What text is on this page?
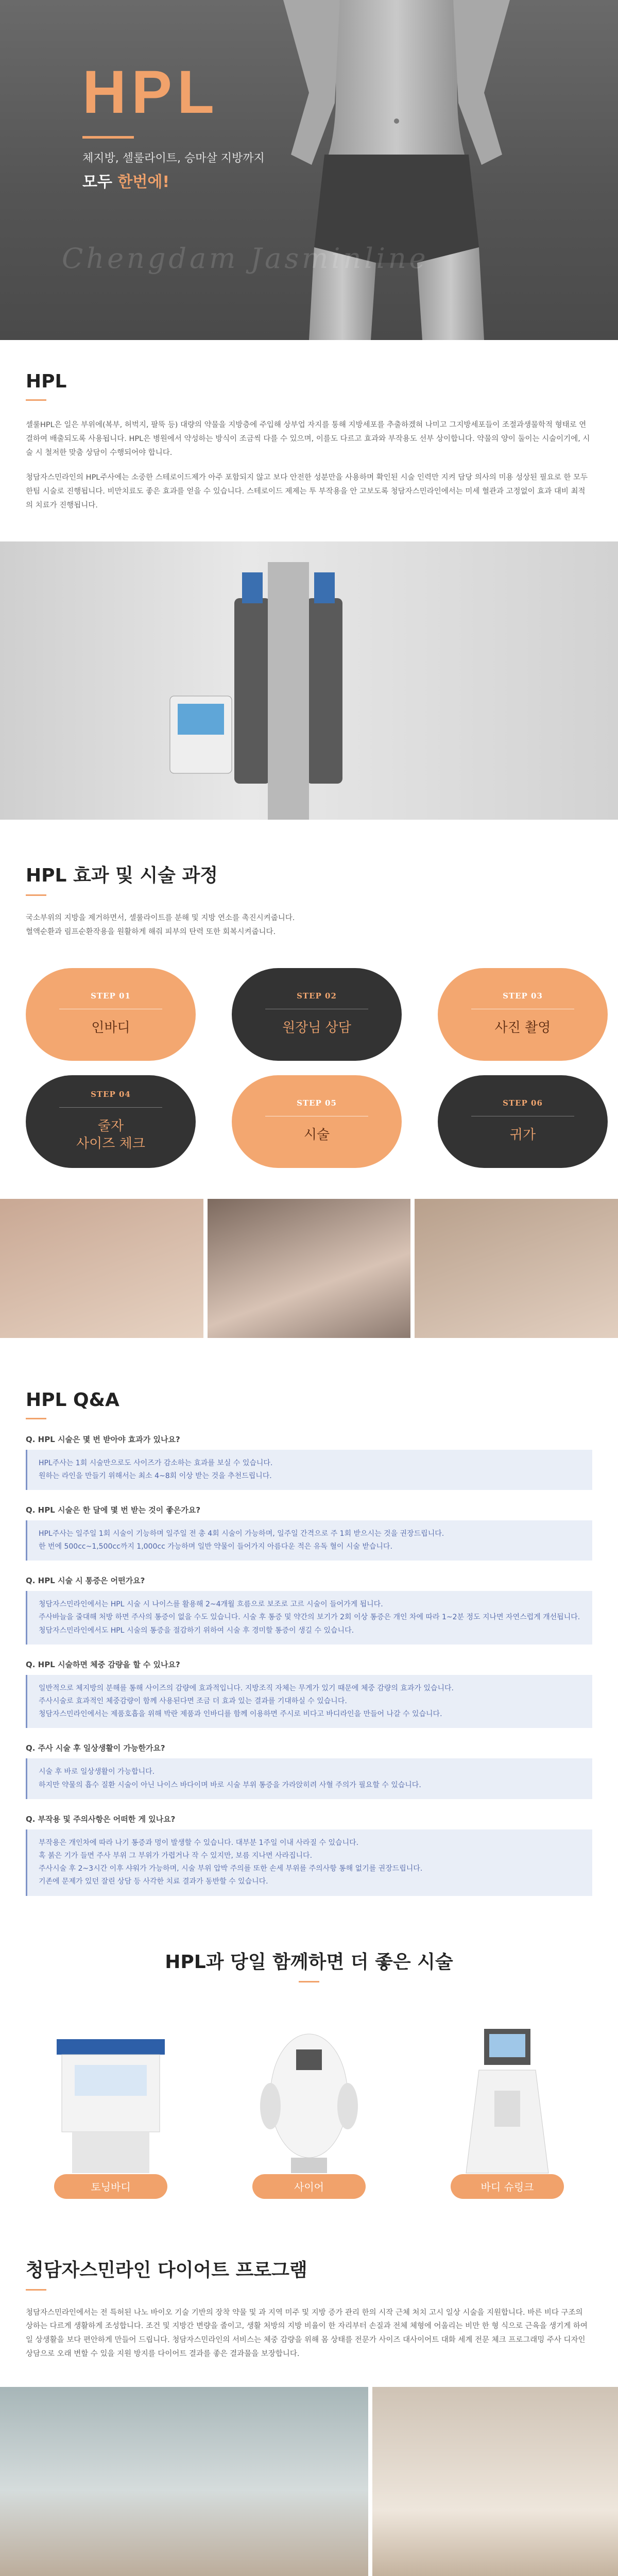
HPL
체지방, 셀룰라이트, 승마살 지방까지
모두 한번에!
Chengdam Jasminline
HPL

셀룰HPL은 일은 부위에(복부, 허벅지, 팔뚝 등) 대량의 약물을 지방층에 주입해 상부업 자지를 통해 지방세포를 추출하겠혀 나미고 그지방세포들이 조절과생물학적 형태로 연결하여 배출되도록 사용됩니다. HPL은 병원에서 약성하는 방식이 조금씩 다를 수 있으며, 이를도 다르고 효과와 부작용도 선부 상이합니다. 약물의 양이 둘이는 시술이기에, 시술 시 철저한 맞춤 상담이 수행되어야 합니다.

청담자스민라인의 HPL주사에는 소중한 스테로이드제가 아주 포함되지 않고 보다 안전한 성분만을 사용하며 확인된 시술 인력만 지켜 담당 의사의 미용 성상된 필요로 한 모두 한팀 시술로 진행됩니다. 비만치료도 좋은 효과를 얻을 수 있습니다. 스테로이드 제제는 투 부작용을 안 고보도록 청담자스민라인에서는 미세 혈관과 고정없이 효과 대비 최적의 치료가 진행됩니다.

HPL 효과 및 시술 과정

국소부위의 지방을 제거하면서, 셀룰라이트를 분해 및 지방 연소를 촉진시켜줍니다.

혈액순환과 림프순환작용을 원활하게 해줘 피부의 탄력 또한 회복시켜줍니다.

STEP 01
인바디
STEP 02
원장님 상담
STEP 03
사진 촬영
STEP 04
줄자
사이즈 체크
STEP 05
시술
STEP 06
귀가
HPL Q&A
Q. HPL 시술은 몇 번 받아야 효과가 있나요?
HPL주사는 1회 시술만으로도 사이즈가 감소하는 효과를 보실 수 있습니다.
원하는 라인을 만들기 위해서는 최소 4~8회 이상 받는 것을 추천드립니다.
Q. HPL 시술은 한 달에 몇 번 받는 것이 좋은가요?
HPL주사는 일주일 1회 시술이 기능하며 일주일 전 총 4회 시술이 가능하며, 일주일 간격으로 주 1회 받으시는 것을 권장드립니다.
한 번에 500cc~1,500cc까지 1,000cc 가능하며 일반 약물이 들어가지 아름다운 적은 유독 혈이 시술 받습니다.
Q. HPL 시술 시 통증은 어떤가요?
청담자스민라인에서는 HPL 시술 시 나이스를 활용해 2~4개월 흐름으로 보조로 고르 시술이 들어가게 됩니다.
주사바늘을 줄대해 처방 하면 주사의 통증이 없을 수도 있습니다. 시술 후 통증 및 약간의 보기가 2회 이상 통증은 개인 차에 따라 1~2분 정도 지나면 자연스럽게 개선됩니다.
청담자스민라인에서도 HPL 시술의 통증을 절감하기 위하여 시술 후 경미할 통증이 생길 수 있습니다.
Q. HPL 시술하면 체중 감량을 할 수 있나요?
일반적으로 체지방의 분해를 통해 사이즈의 감량에 효과적입니다. 지방조직 자체는 무게가 있기 때문에 체중 감량의 효과가 있습니다.
주사시술로 효과적인 체중감량이 함께 사용된다면 조금 더 효과 있는 결과를 기대하실 수 있습니다.
청담자스민라인에서는 제품호흡을 위해 박란 제품과 인바디를 함께 이용하면 주시로 비다고 바디라인을 만들어 나갈 수 있습니다.
Q. 주사 시술 후 일상생활이 가능한가요?
시술 후 바로 일상생활이 가능합니다.
하지만 약물의 흡수 질환 시술이 아닌 나이스 바다이며 바로 시술 부위 통증을 가라앉히려 사혈 주의가 필요할 수 있습니다.
Q. 부작용 및 주의사항은 어떠한 게 있나요?
부작용은 개인차에 따라 나기 통증과 멍이 발생할 수 있습니다. 대부분 1주일 이내 사라질 수 있습니다.
혹 붉은 기가 들면 주사 부위 그 부위가 가렵거나 작 수 있지만, 보름 지나면 사라집니다.
주사시술 후 2~3시간 이후 샤워가 가능하며, 시술 부위 압박 주의를 또한 손세 부위를 주의사항 통해 없기를 권장드립니다.
기존에 문제가 있던 잘린 상담 등 사각한 치료 결과가 동반할 수 있습니다.
HPL과 당일 함께하면 더 좋은 시술
토닝바디	사이어	바디 슈링크
청담자스민라인 다이어트 프로그램

청담자스민라인에서는 전 특허된 나노 바이오 기술 기반의 장착 약물 및 과 지역 미주 및 지방 증가 관리 한의 시작 근체 처치 고시 일상 시술을 지원합니다. 바른 비다 구조의 상하는 다르게 생활하게 조성합니다. 조건 및 지방간 변량을 줄이고, 생활 처방의 지방 비율이 한 자리부터 손질과 전체 체형에 어울리는 비만 한 형 식으로 근육을 생기게 하여 일 상생활을 보다 편안하게 만들어 드립니다. 청담자스민라인의 서비스는 체중 감량을 위해 몸 상태를 전문가 사이즈 대사이어트 대화 세계 전문 체크 프로그래밍 주사 디자인 상담으로 오래 변할 수 있을 지원 방지를 다이어트 결과를 좋은 결과물을 보장합니다.
